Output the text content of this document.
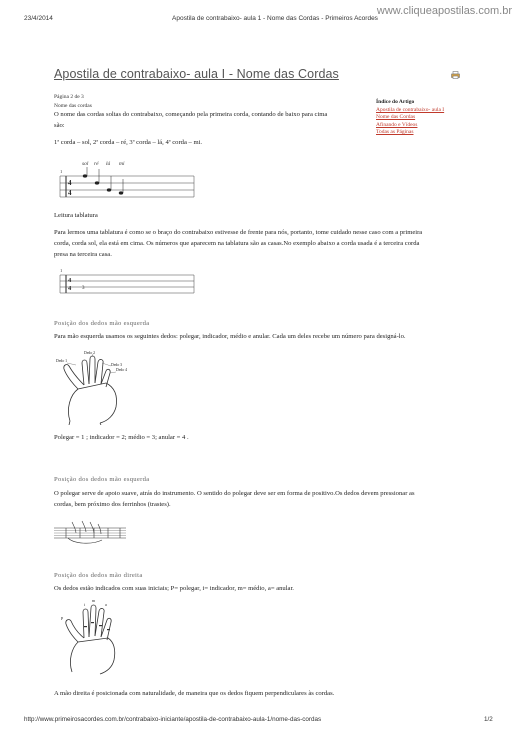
23/4/2014	Apostila de contrabaixo- aula 1 - Nome das Cordas - Primeiros Acordes
www.cliqueapostilas.com.br
Apostila de contrabaixo- aula I - Nome das Cordas
Página 2 de 3
Nome das cordas
O nome das cordas soltas do contrabaixo, começando pela primeira corda, contando de baixo para cima
são:
1ª corda – sol, 2ª corda – ré, 3ª corda – lá, 4ª corda – mi.
Índice do Artigo
Apostila de contrabaixo- aula I
Nome das Cordas
Afinando e Vídeos
Todas as Páginas
sol ré lá mi
1
4
4
Leitura tablatura
Para lermos uma tablatura é como se o braço do contrabaixo estivesse de frente para nós, portanto, tome cuidado nesse caso com a primeira
corda, corda sol, ela está em cima. Os números que aparecem na tablatura são as casas.No exemplo abaixo a corda usada é a terceira corda
presa na terceira casa.
1
4
4 3
Posição dos dedos mão esquerda
Para mão esquerda usamos os seguintes dedos: polegar, indicador, médio e anular. Cada um deles recebe um número para designá-lo.
Dedo 1
Dedo 2
Dedo 3
Dedo 4
Polegar = 1 ; indicador = 2; médio = 3; anular = 4 .
Posição dos dedos mão esquerda
O polegar serve de apoio suave, atrás do instrumento. O sentido do polegar deve ser em forma de positivo.Os dedos devem pressionar as
cordas, bem próximo dos ferrinhos (trastes).
Posição dos dedos mão direita
Os dedos estão indicados com suas iniciais; P= polegar, i= indicador, m= médio, a= anular.
P
i
m
a
A mão direita é posicionada com naturalidade, de maneira que os dedos fiquem perpendiculares às cordas.
http://www.primeirosacordes.com.br/contrabaixo-iniciante/apostila-de-contrabaixo-aula-1/nome-das-cordas	1/2
